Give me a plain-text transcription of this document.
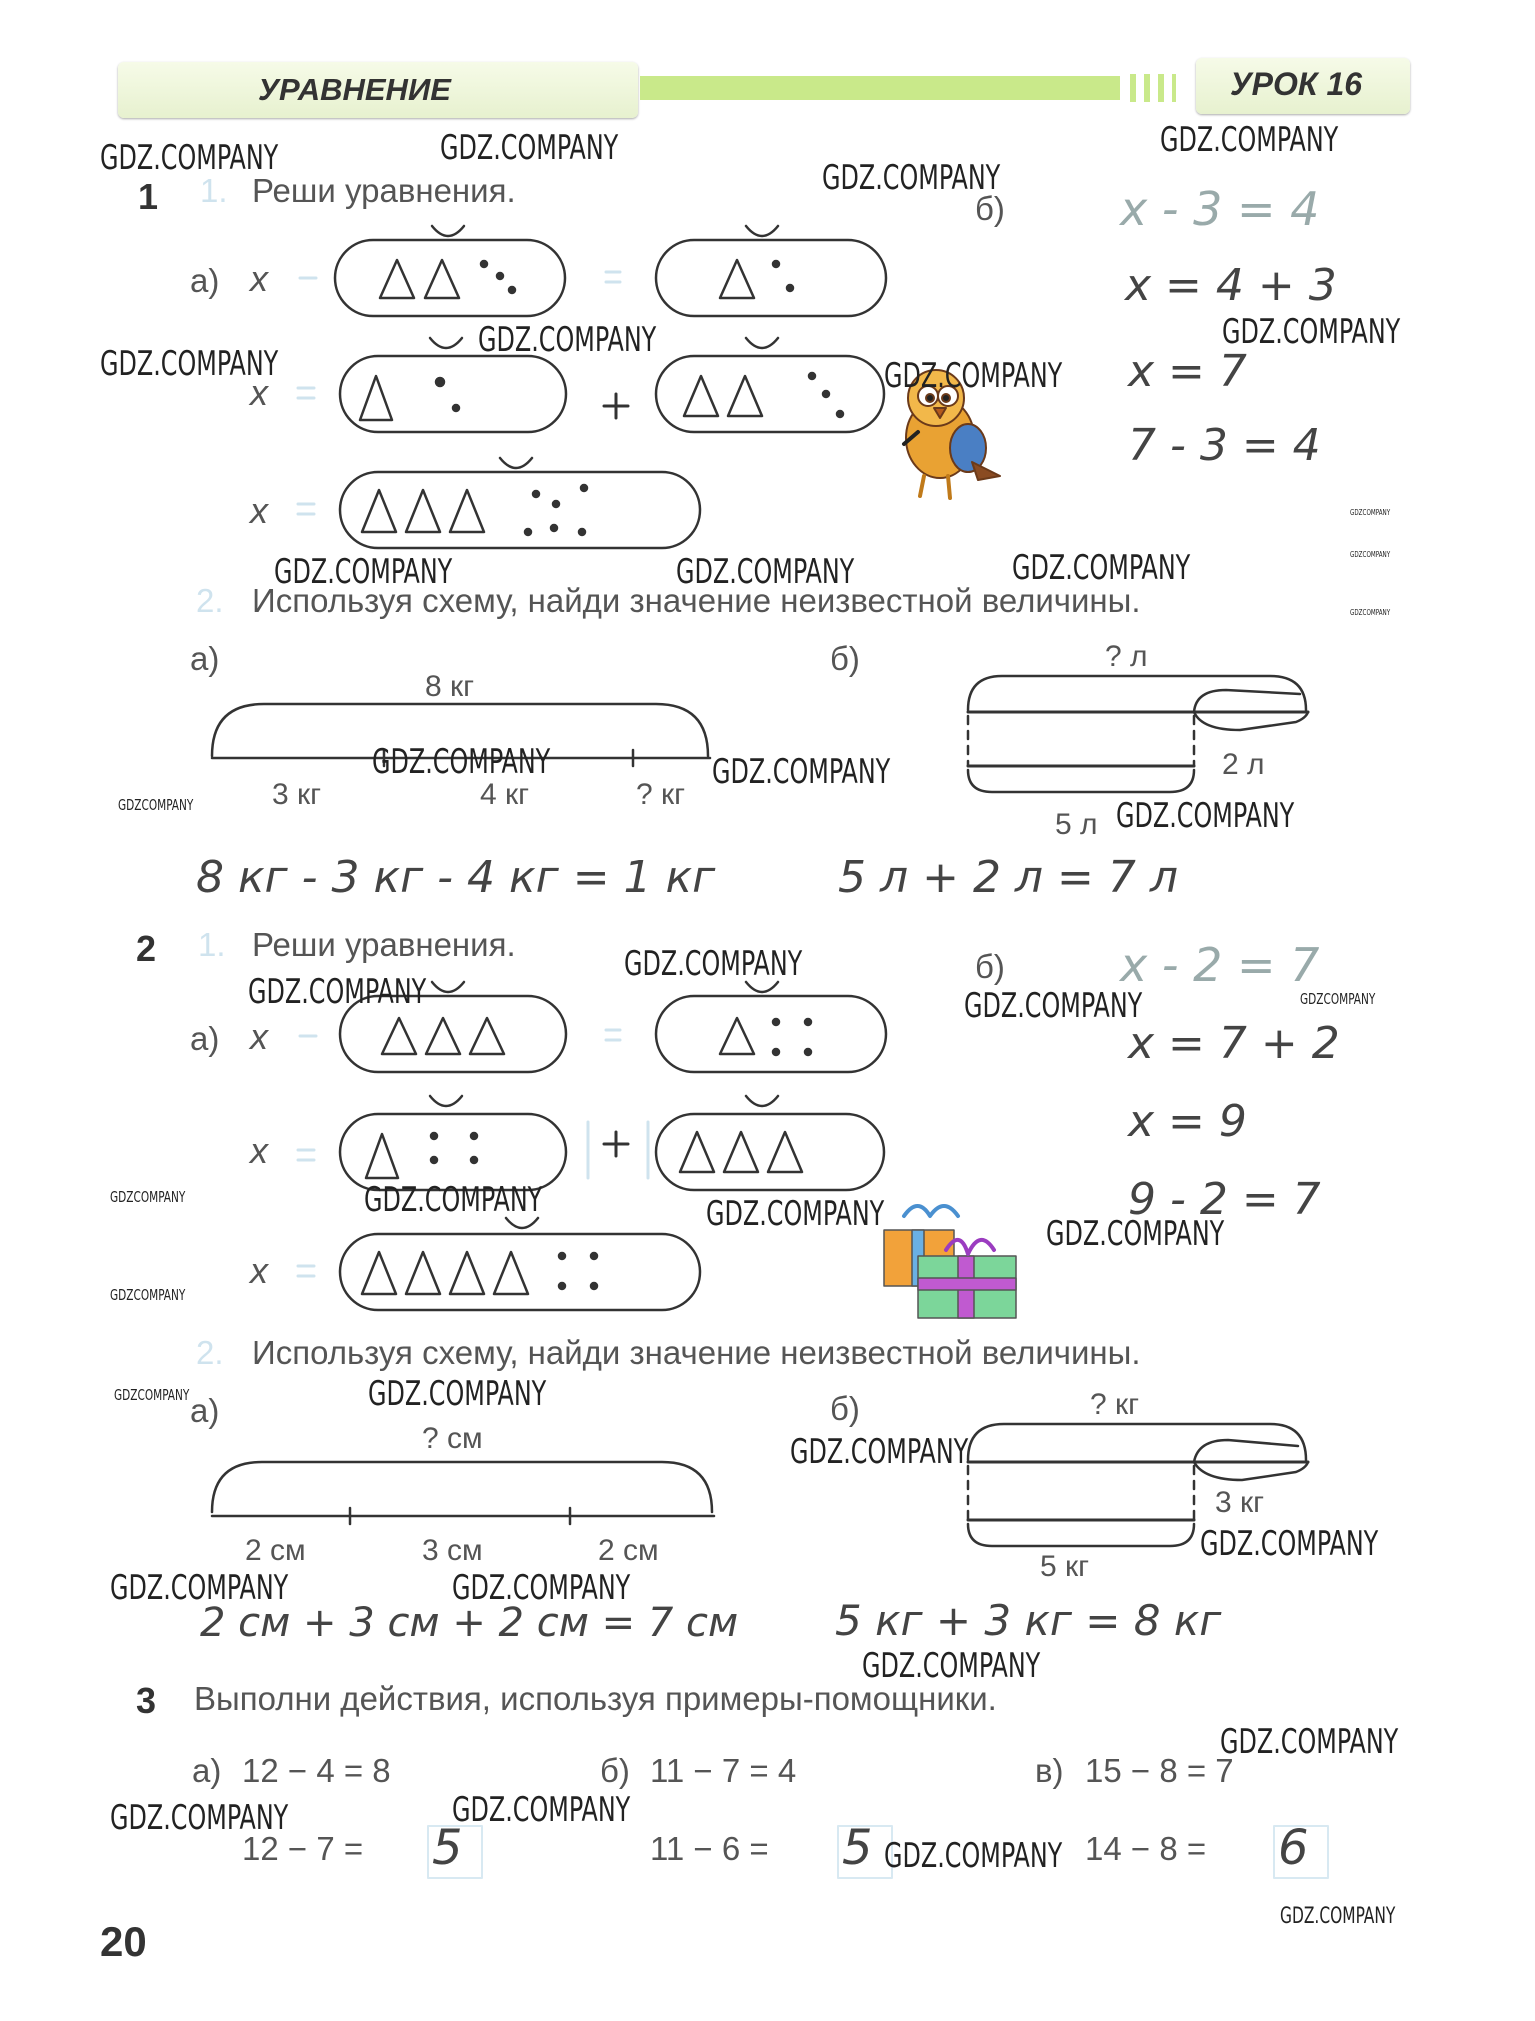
УРАВНЕНИЕ	УРОК 16
1 1. Реши уравнения.
а) x
x
x
б)	x - 3 = 4
x = 4 + 3
x = 7
7 - 3 = 4
2. Используя схему, найди значение неизвестной величины.
а)	б)
8 кг
3 кг	4 кг	? кг
? л
2 л
5 л
8 кг - 3 кг - 4 кг = 1 кг	5 л + 2 л = 7 л
2 1. Реши уравнения.
а) x
x
x
б)	x - 2 = 7
x = 7 + 2
x = 9
9 - 2 = 7
2. Используя схему, найди значение неизвестной величины.
а)	б)
? см
2 см	3 см	2 см
? кг
3 кг
5 кг
2 см + 3 см + 2 см = 7 см 5 кг + 3 кг = 8 кг
3 Выполни действия, используя примеры-помощники.
а) 12 − 4 = 8
12 − 7 = 5
б) 11 − 7 = 4
11 − 6 = 5
в) 15 − 8 = 7
14 − 8 = 6
20
GDZ.COMPANY	GDZ.COMPANY
GDZ.COMPANY
GDZ.COMPANY
GDZ.COMPANY
GDZ.COMPANY
GDZ.COMPANY
GDZ.COMPANY
GDZ.COMPANY	GDZ.COMPANY	GDZ.COMPANY
GDZ.COMPANY	GDZ.COMPANY
GDZ.COMPANY
GDZ.COMPANY
GDZ.COMPANY	GDZ.COMPANY
GDZ.COMPANY	GDZ.COMPANY	GDZ.COMPANY
GDZ.COMPANY
GDZ.COMPANY
GDZ.COMPANY
GDZ.COMPANY	GDZ.COMPANY
GDZ.COMPANY
GDZ.COMPANY
GDZ.COMPANY	GDZ.COMPANY
GDZ.COMPANY
GDZCOMPANY
GDZCOMPANY
GDZCOMPANY
GDZCOMPANY
GDZCOMPANY
GDZ.COMPANY
GDZCOMPANY
GDZCOMPANY
GDZCOMPANY
